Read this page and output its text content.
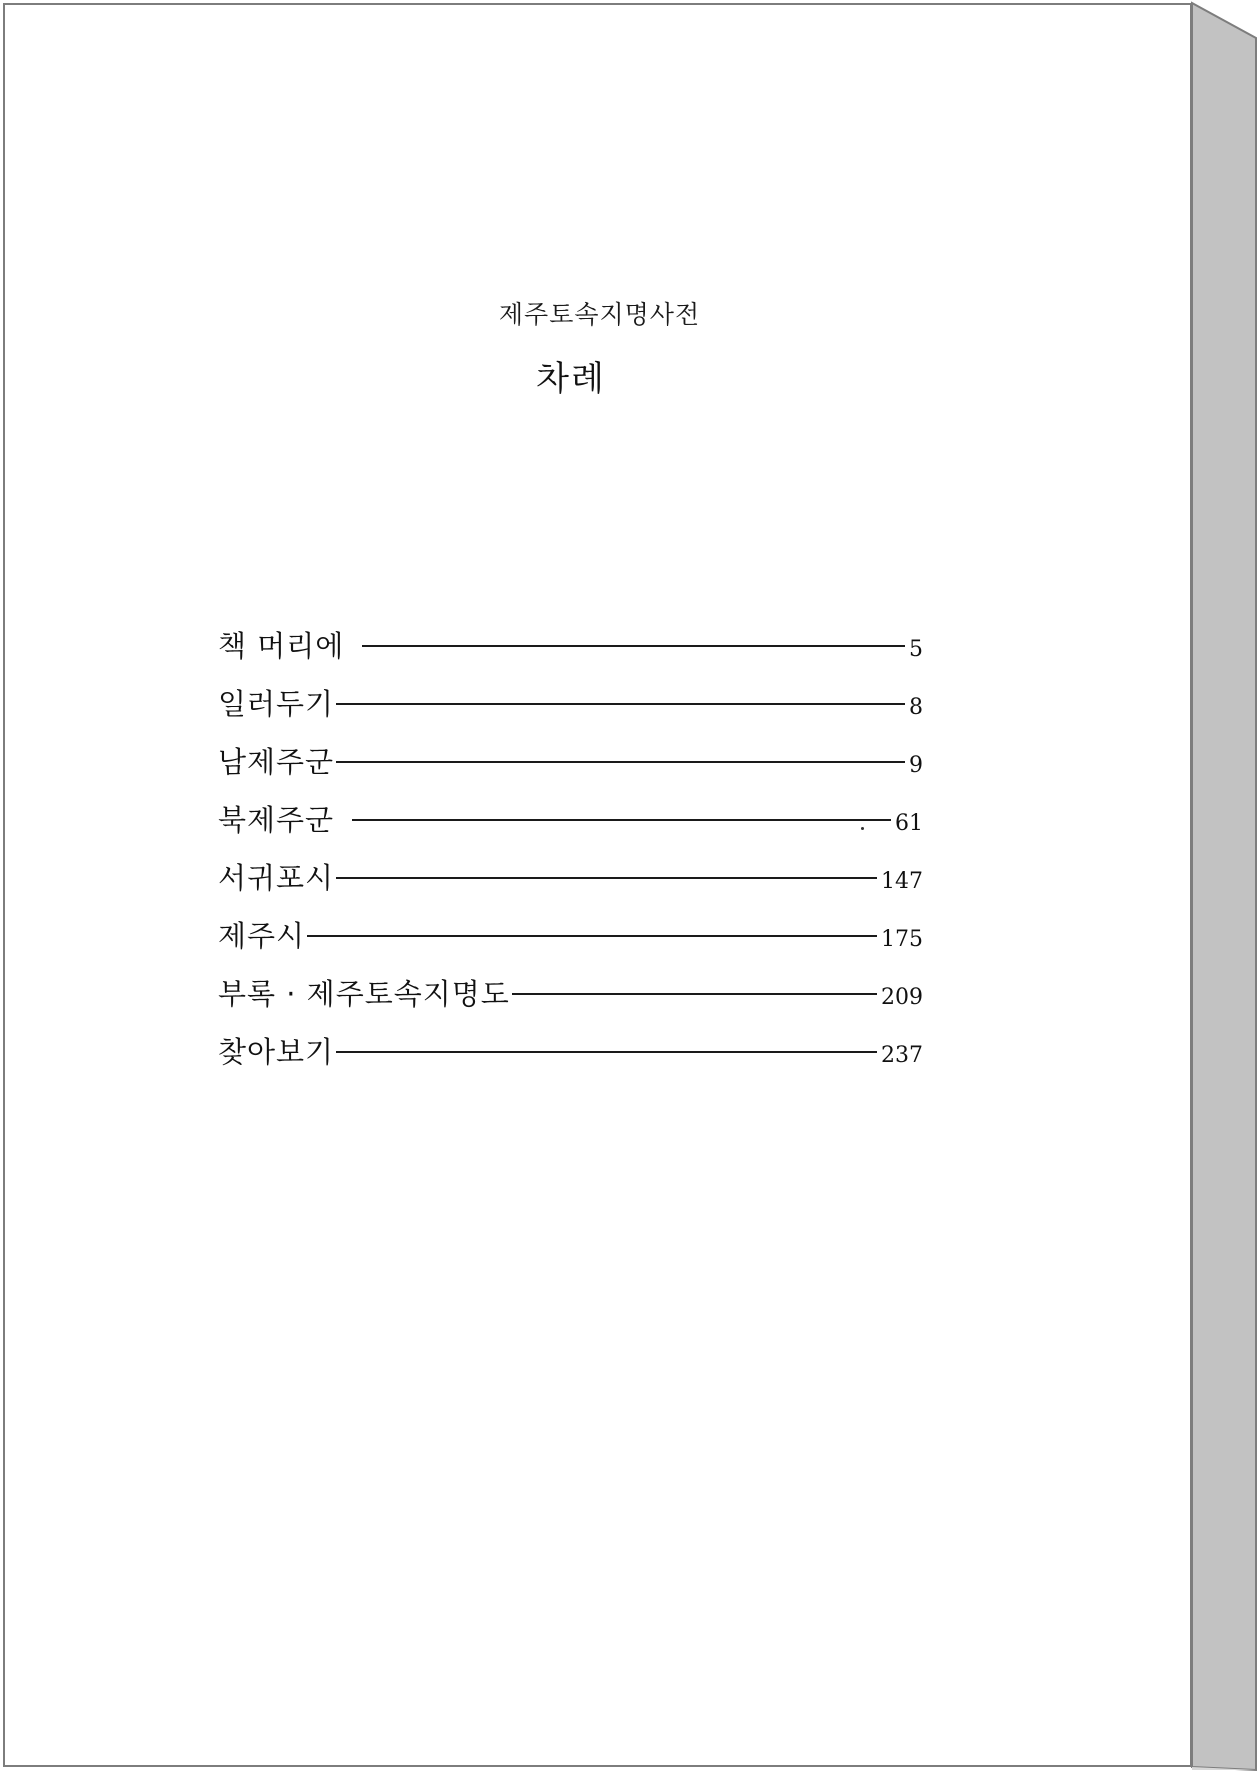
제주토속지명사전
차례
책 머리에	5
일러두기	8
남제주군	9
북제주군	61
서귀포시	147
제주시	175
부록 · 제주토속지명도	209
찾아보기	237
